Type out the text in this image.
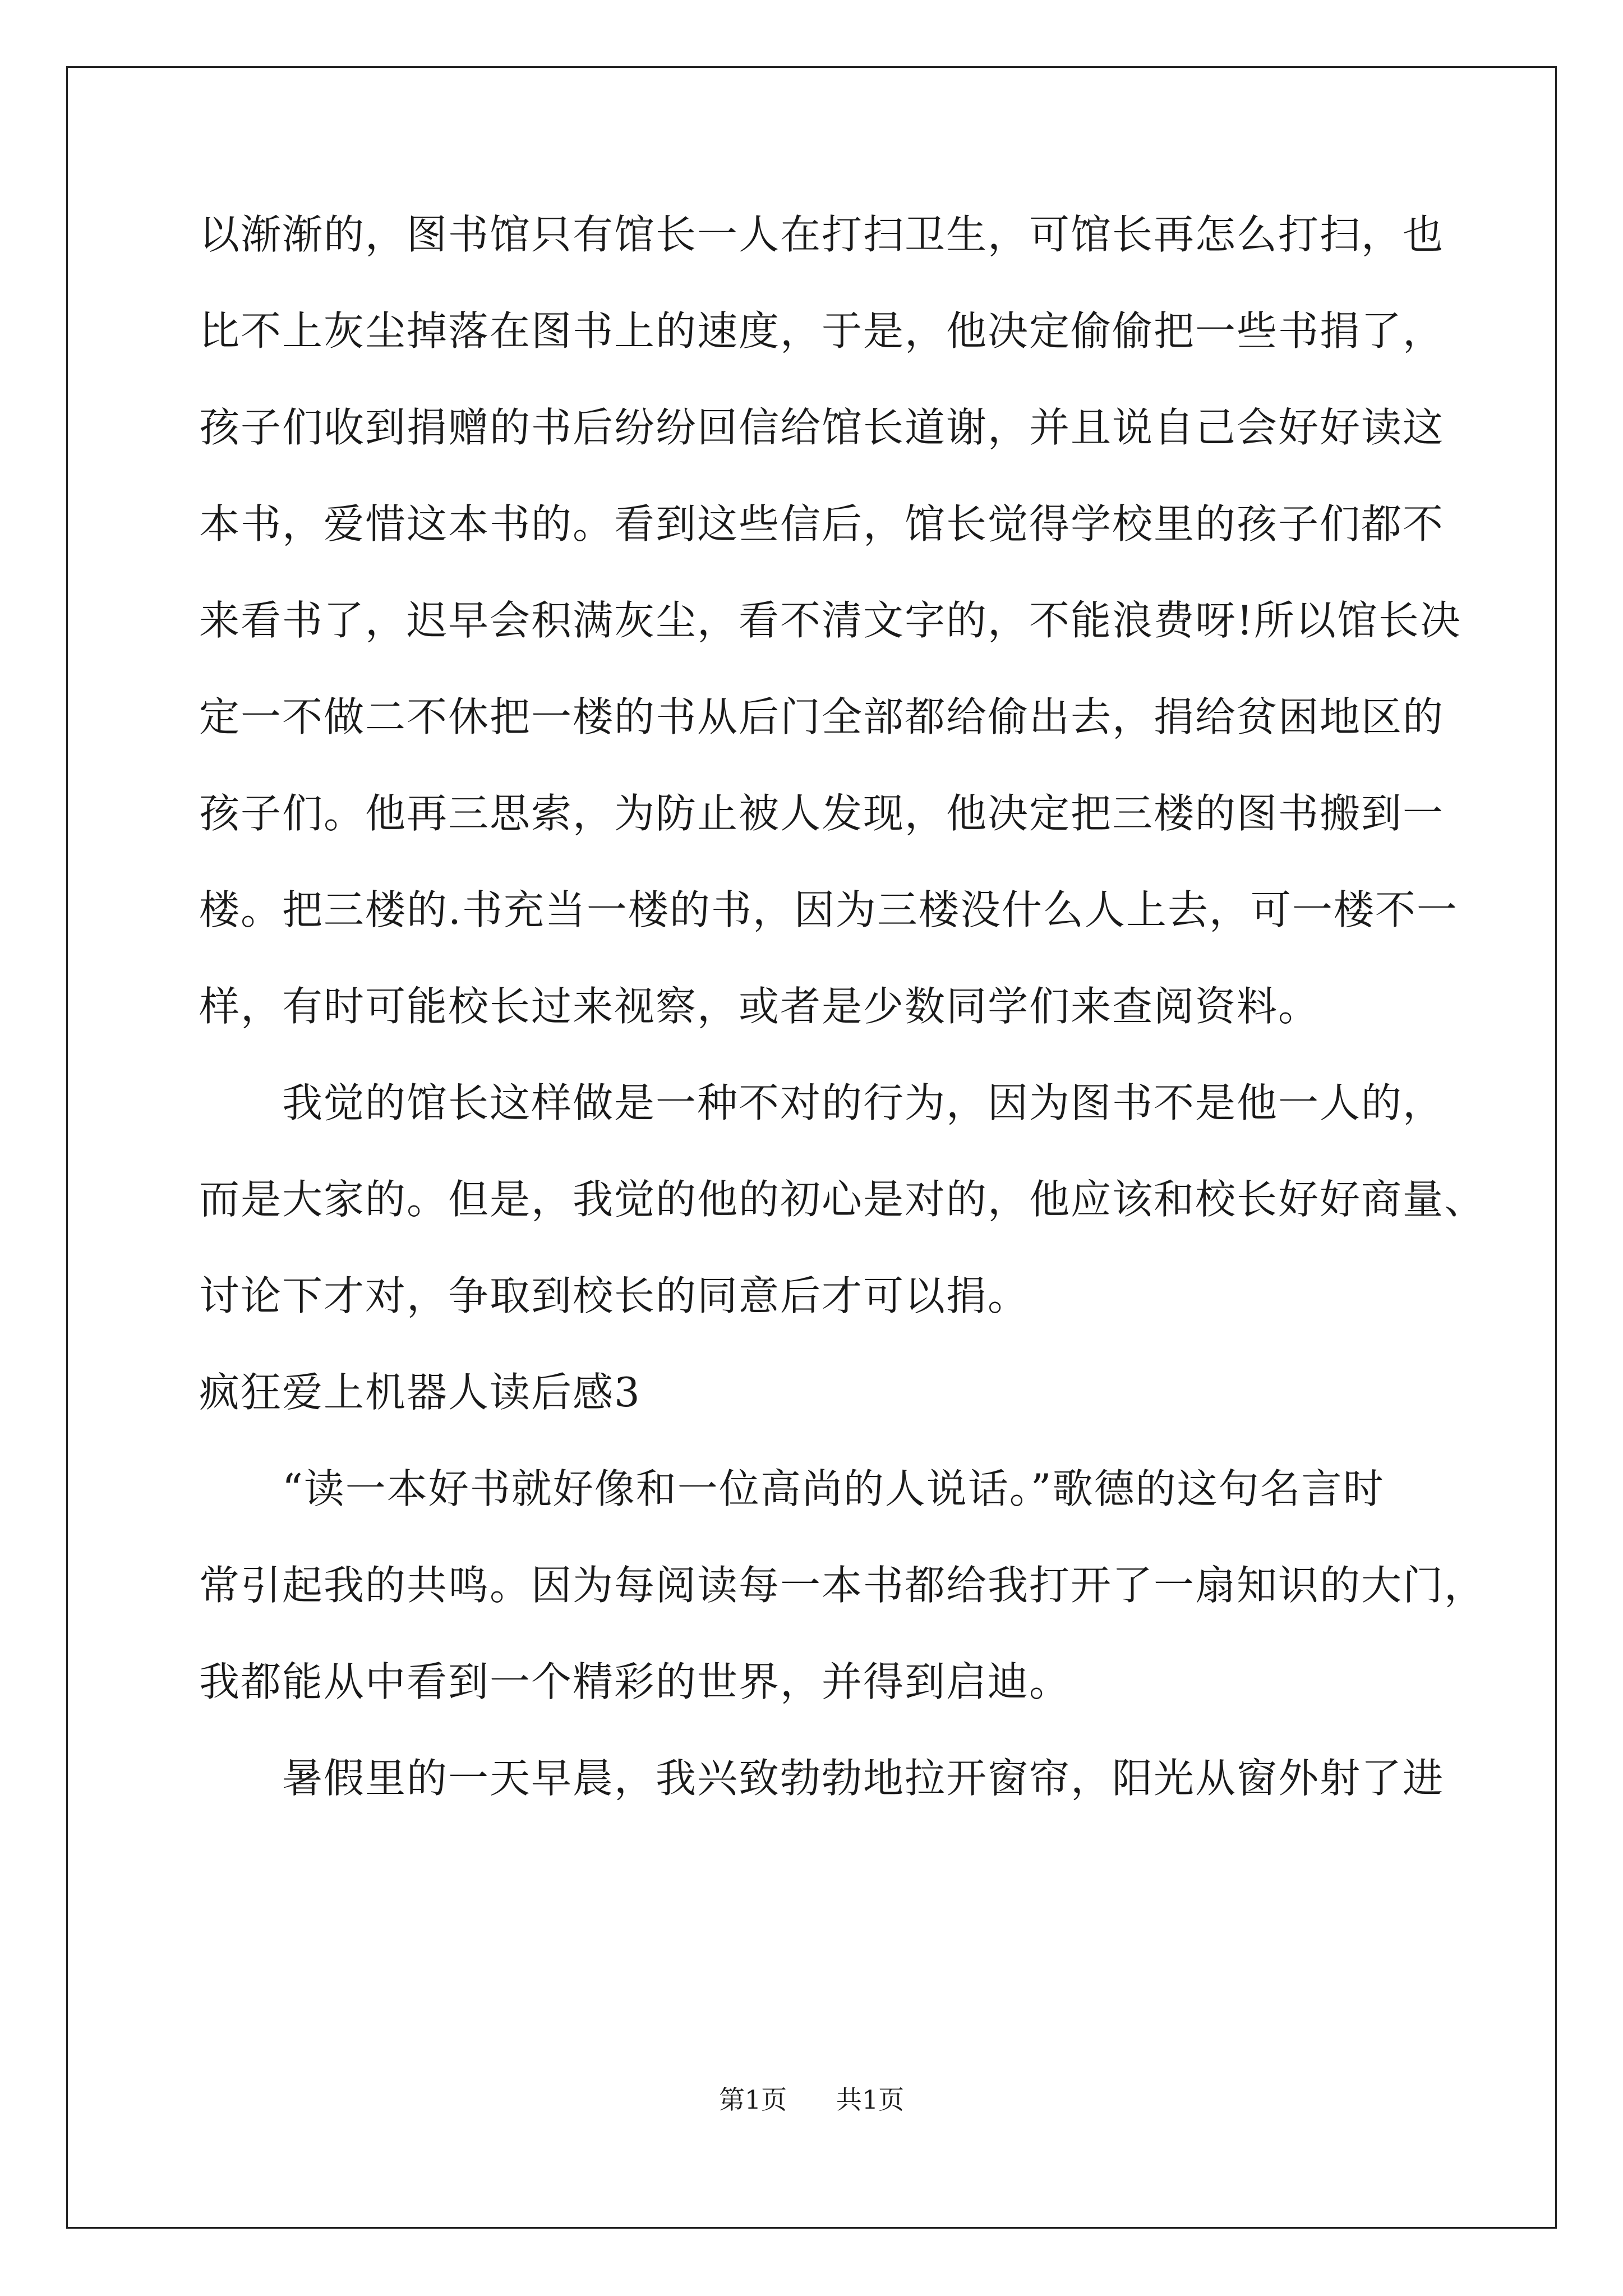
以渐渐的，图书馆只有馆长一人在打扫卫生，可馆长再怎么打扫，也
比不上灰尘掉落在图书上的速度，于是，他决定偷偷把一些书捐了，
孩子们收到捐赠的书后纷纷回信给馆长道谢，并且说自己会好好读这
本书，爱惜这本书的。看到这些信后，馆长觉得学校里的孩子们都不
来看书了，迟早会积满灰尘，看不清文字的，不能浪费呀!所以馆长决
定一不做二不休把一楼的书从后门全部都给偷出去，捐给贫困地区的
孩子们。他再三思索，为防止被人发现，他决定把三楼的图书搬到一
楼。把三楼的.书充当一楼的书，因为三楼没什么人上去，可一楼不一
样，有时可能校长过来视察，或者是少数同学们来查阅资料。
　　我觉的馆长这样做是一种不对的行为，因为图书不是他一人的，
而是大家的。但是，我觉的他的初心是对的，他应该和校长好好商量、
讨论下才对，争取到校长的同意后才可以捐。
疯狂爱上机器人读后感3
　　“读一本好书就好像和一位高尚的人说话。”歌德的这句名言时
常引起我的共鸣。因为每阅读每一本书都给我打开了一扇知识的大门，
我都能从中看到一个精彩的世界，并得到启迪。
　　暑假里的一天早晨，我兴致勃勃地拉开窗帘，阳光从窗外射了进
第1页 共1页
